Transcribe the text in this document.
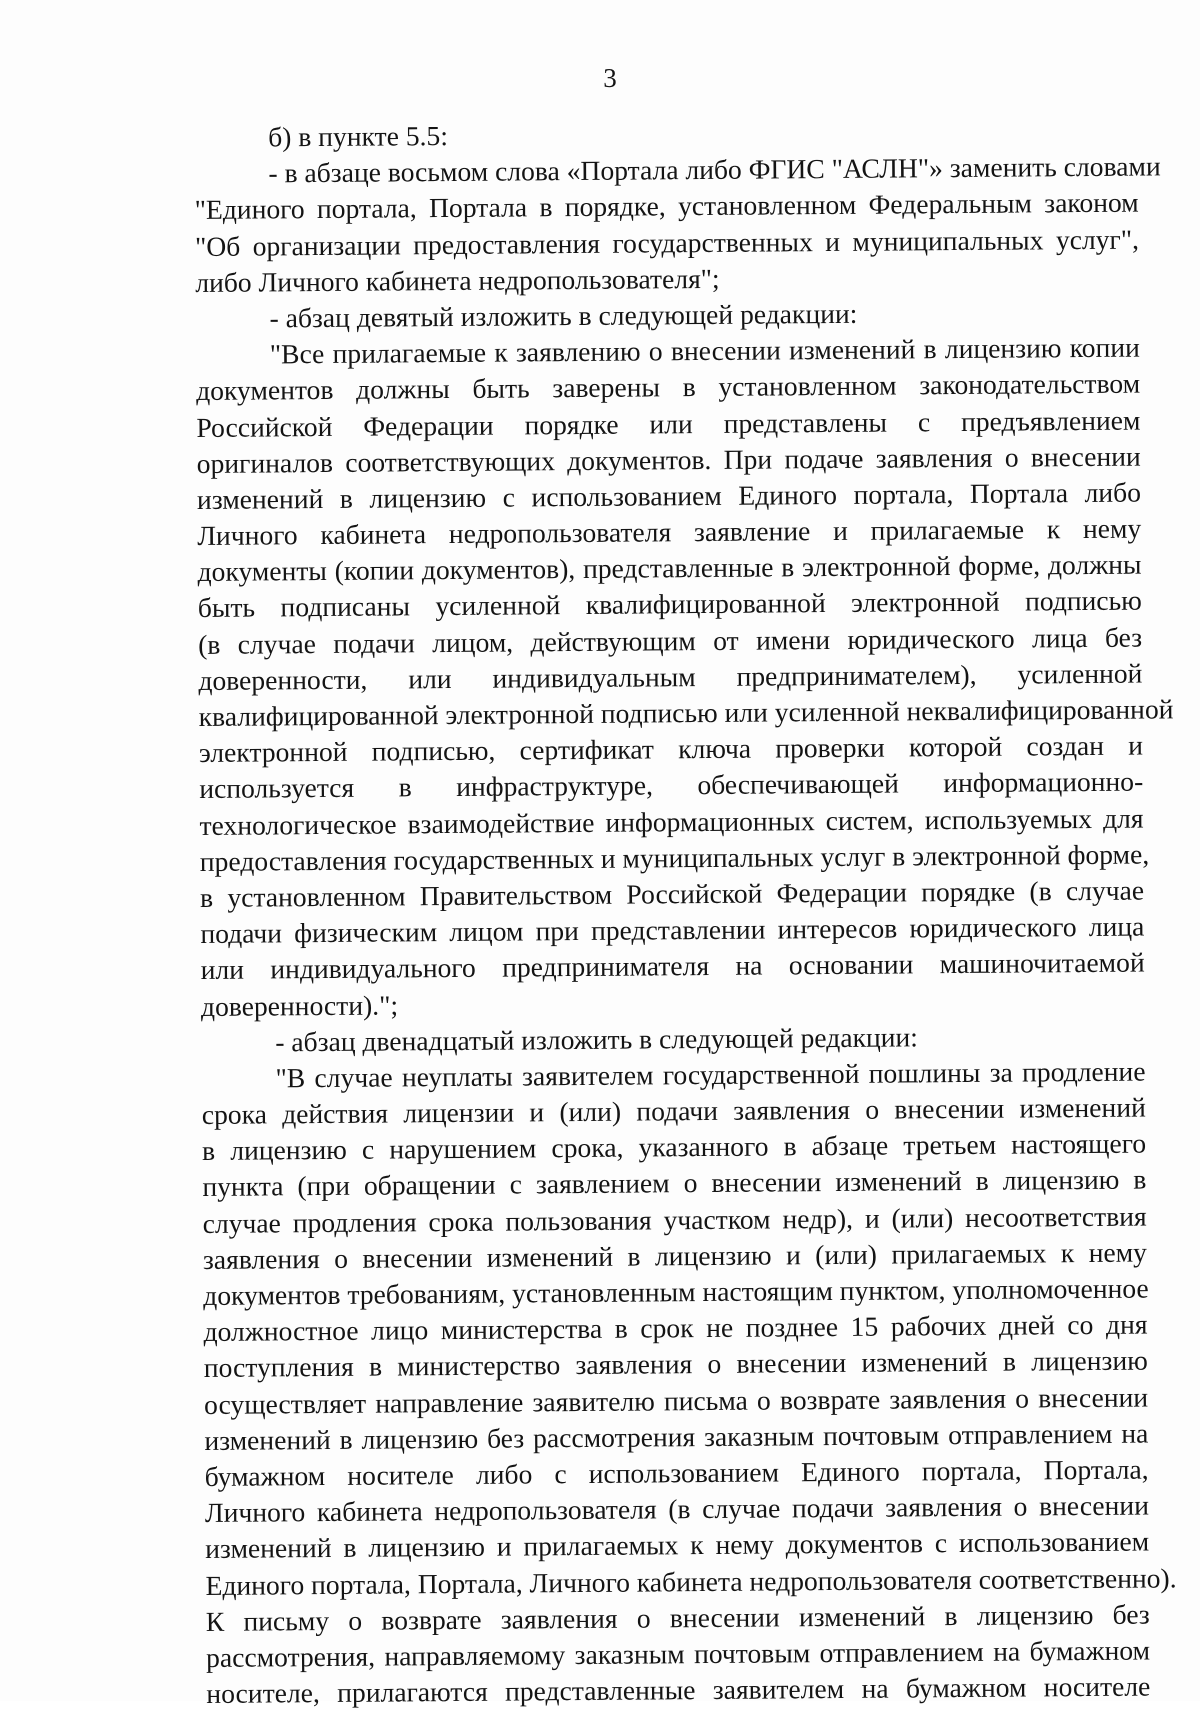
3
б) в пункте 5.5:
- в абзаце восьмом слова «Портала либо ФГИС "АСЛН"» заменить словами
"Единого портала, Портала в порядке, установленном Федеральным законом
"Об организации предоставления государственных и муниципальных услуг",
либо Личного кабинета недропользователя";
- абзац девятый изложить в следующей редакции:
"Все прилагаемые к заявлению о внесении изменений в лицензию копии
документов должны быть заверены в установленном законодательством
Российской Федерации порядке или представлены с предъявлением
оригиналов соответствующих документов. При подаче заявления о внесении
изменений в лицензию с использованием Единого портала, Портала либо
Личного кабинета недропользователя заявление и прилагаемые к нему
документы (копии документов), представленные в электронной форме, должны
быть подписаны усиленной квалифицированной электронной подписью
(в случае подачи лицом, действующим от имени юридического лица без
доверенности, или индивидуальным предпринимателем), усиленной
квалифицированной электронной подписью или усиленной неквалифицированной
электронной подписью, сертификат ключа проверки которой создан и
используется в инфраструктуре, обеспечивающей информационно-
технологическое взаимодействие информационных систем, используемых для
предоставления государственных и муниципальных услуг в электронной форме,
в установленном Правительством Российской Федерации порядке (в случае
подачи физическим лицом при представлении интересов юридического лица
или индивидуального предпринимателя на основании машиночитаемой
доверенности).";
- абзац двенадцатый изложить в следующей редакции:
"В случае неуплаты заявителем государственной пошлины за продление
срока действия лицензии и (или) подачи заявления о внесении изменений
в лицензию с нарушением срока, указанного в абзаце третьем настоящего
пункта (при обращении с заявлением о внесении изменений в лицензию в
случае продления срока пользования участком недр), и (или) несоответствия
заявления о внесении изменений в лицензию и (или) прилагаемых к нему
документов требованиям, установленным настоящим пунктом, уполномоченное
должностное лицо министерства в срок не позднее 15 рабочих дней со дня
поступления в министерство заявления о внесении изменений в лицензию
осуществляет направление заявителю письма о возврате заявления о внесении
изменений в лицензию без рассмотрения заказным почтовым отправлением на
бумажном носителе либо с использованием Единого портала, Портала,
Личного кабинета недропользователя (в случае подачи заявления о внесении
изменений в лицензию и прилагаемых к нему документов с использованием
Единого портала, Портала, Личного кабинета недропользователя соответственно).
К письму о возврате заявления о внесении изменений в лицензию без
рассмотрения, направляемому заказным почтовым отправлением на бумажном
носителе, прилагаются представленные заявителем на бумажном носителе
